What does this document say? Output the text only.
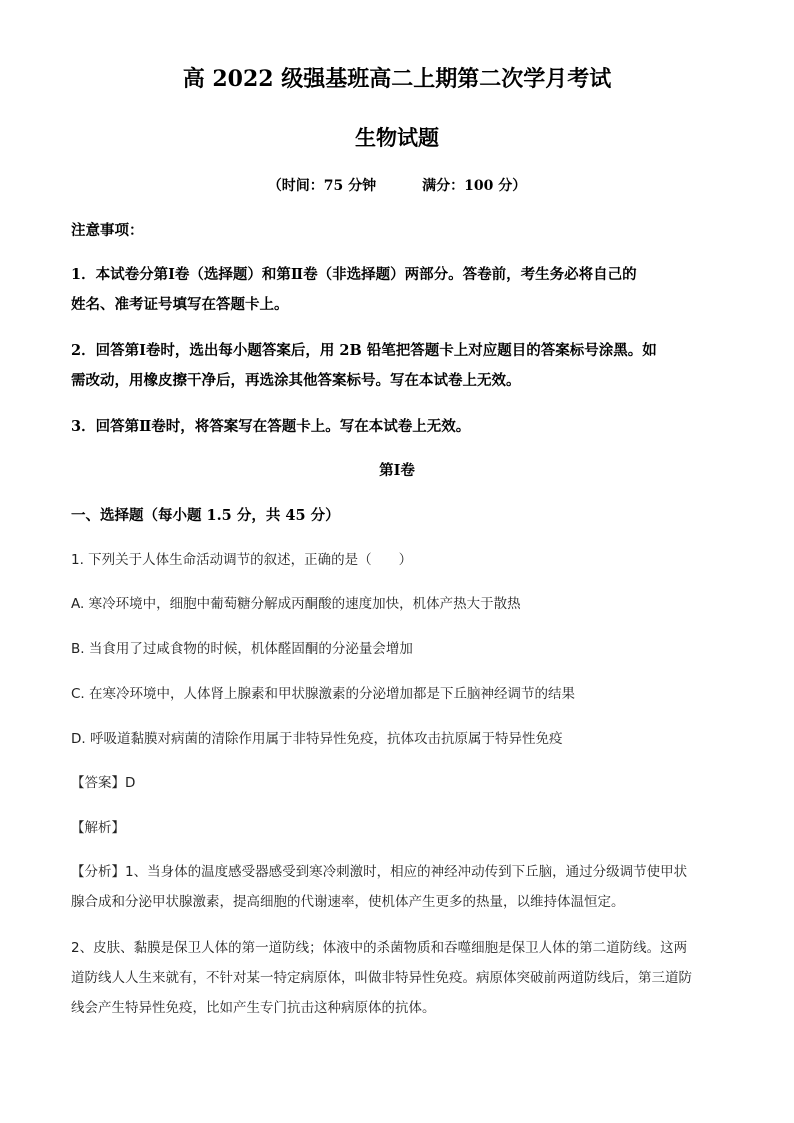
高 2022 级强基班高二上期第二次学月考试
生物试题
（时间：75 分钟	满分：100 分）
注意事项：
1．本试卷分第Ⅰ卷（选择题）和第Ⅱ卷（非选择题）两部分。答卷前，考生务必将自己的
姓名、准考证号填写在答题卡上。
2．回答第Ⅰ卷时，选出每小题答案后，用 2B 铅笔把答题卡上对应题目的答案标号涂黑。如
需改动，用橡皮擦干净后，再选涂其他答案标号。写在本试卷上无效。
3．回答第Ⅱ卷时，将答案写在答题卡上。写在本试卷上无效。
第Ⅰ卷
一、选择题（每小题 1.5 分，共 45 分）
1. 下列关于人体生命活动调节的叙述，正确的是（　　）
A. 寒冷环境中，细胞中葡萄糖分解成丙酮酸的速度加快，机体产热大于散热
B. 当食用了过咸食物的时候，机体醛固酮的分泌量会增加
C. 在寒冷环境中，人体肾上腺素和甲状腺激素的分泌增加都是下丘脑神经调节的结果
D. 呼吸道黏膜对病菌的清除作用属于非特异性免疫，抗体攻击抗原属于特异性免疫
【答案】D
【解析】
【分析】1、当身体的温度感受器感受到寒冷刺激时，相应的神经冲动传到下丘脑，通过分级调节使甲状
腺合成和分泌甲状腺激素，提高细胞的代谢速率，使机体产生更多的热量，以维持体温恒定。
2、皮肤、黏膜是保卫人体的第一道防线；体液中的杀菌物质和吞噬细胞是保卫人体的第二道防线。这两
道防线人人生来就有，不针对某一特定病原体，叫做非特异性免疫。病原体突破前两道防线后，第三道防
线会产生特异性免疫，比如产生专门抗击这种病原体的抗体。
